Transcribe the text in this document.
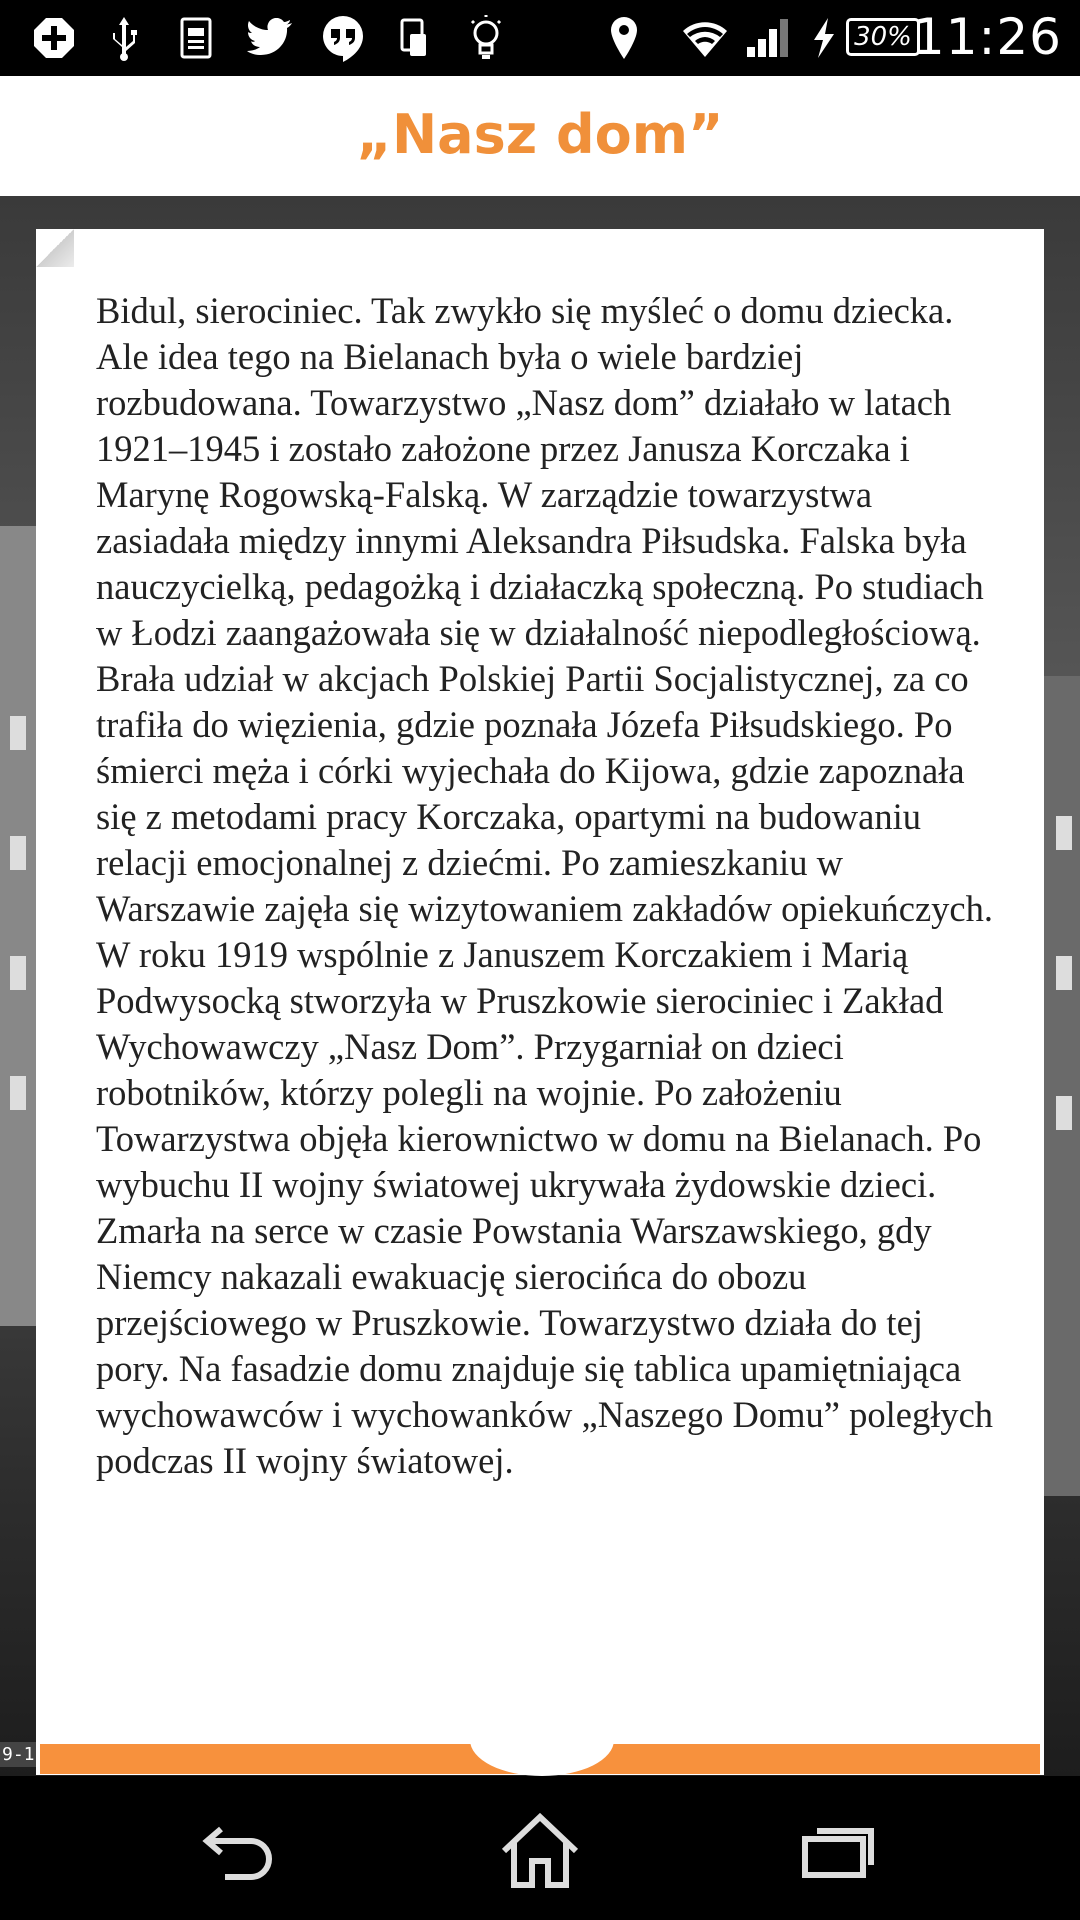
30% 11:26
„Nasz dom”
9-1

Bidul, sierociniec. Tak zwykło się myśleć o domu dziecka. Ale idea tego na Bielanach była o wiele bardziej rozbudowana. Towarzystwo „Nasz dom” działało w latach 1921–1945 i zostało założone przez Janusza Korczaka i Marynę Rogowską-Falską. W zarządzie towarzystwa zasiadała między innymi Aleksandra Piłsudska. Falska była nauczycielką, pedagożką i działaczką społeczną. Po studiach w Łodzi zaangażowała się w działalność niepodległościową. Brała udział w akcjach Polskiej Partii Socjalistycznej, za co trafiła do więzienia, gdzie poznała Józefa Piłsudskiego. Po śmierci męża i córki wyjechała do Kijowa, gdzie zapoznała się z metodami pracy Korczaka, opartymi na budowaniu relacji emocjonalnej z dziećmi. Po zamieszkaniu w Warszawie zajęła się wizytowaniem zakładów opiekuńczych. W roku 1919 wspólnie z Januszem Korczakiem i Marią Podwysocką stworzyła w Pruszkowie sierociniec i Zakład Wychowawczy „Nasz Dom”. Przygarniał on dzieci robotników, którzy polegli na wojnie. Po założeniu Towarzystwa objęła kierownictwo w domu na Bielanach. Po wybuchu II wojny światowej ukrywała żydowskie dzieci. Zmarła na serce w czasie Powstania Warszawskiego, gdy Niemcy nakazali ewakuację sierocińca do obozu przejściowego w Pruszkowie. Towarzystwo działa do tej pory. Na fasadzie domu znajduje się tablica upamiętniająca wychowawców i wychowanków „Naszego Domu” poległych podczas II wojny światowej.
